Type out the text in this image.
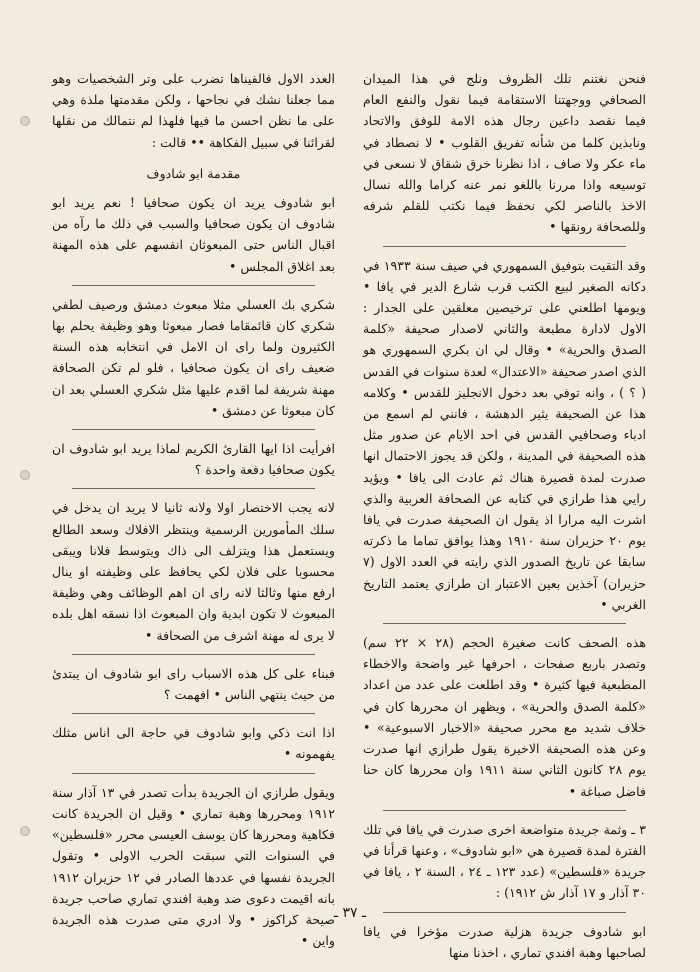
فنحن نغتنم تلك الظروف ونلج في هذا الميدان الصحافي ووجهتنا الاستقامة فيما نقول والنفع العام فيما نقصد داعين رجال هذه الامة للوفق والاتحاد ونابذين كلما من شأنه تفريق القلوب • لا نصطاد في ماء عكر ولا صاف ، اذا نظرنا خرق شقاق لا نسعى في توسيعه واذا مررنا باللغو نمر عنه كراما والله نسال الاخذ بالناصر لكي نحفظ فيما نكتب للقلم شرفه وللصحافة رونقها •

وقد التقيت بتوفيق السمهوري في صيف سنة ١٩٣٣ في دكانه الصغير لبيع الكتب قرب شارع الدير في يافا • ويومها اطلعني على ترخيصين معلقين على الجدار : الاول لادارة مطبعة والثاني لاصدار صحيفة «كلمة الصدق والحرية» • وقال لي ان بكري السمهوري هو الذي اصدر صحيفة «الاعتدال» لعدة سنوات في القدس ( ؟ ) ، وانه توفي بعد دخول الانجليز للقدس • وكلامه هذا عن الصحيفة يثير الدهشة ، فانني لم اسمع من ادباء وصحافيي القدس في احد الايام عن صدور مثل هذه الصحيفة في المدينة ، ولكن قد يجوز الاحتمال انها صدرت لمدة قصيرة هناك ثم عادت الى يافا • ويؤيد رايي هذا طرازي في كتابه عن الصحافة العربية والذي اشرت اليه مرارا اذ يقول ان الصحيفة صدرت في يافا يوم ٢٠ حزيران سنة ١٩١٠ وهذا يوافق تماما ما ذكرته سابقا عن تاريخ الصدور الذي رايته في العدد الاول (٧ حزيران) آخذين بعين الاعتبار ان طرازي يعتمد التاريخ الغربي •

هذه الصحف كانت صغيرة الحجم (٢٨ × ٢٢ سم) وتصدر باربع صفحات ، احرفها غير واضحة والاخطاء المطبعية فيها كثيرة • وقد اطلعت على عدد من اعداد «كلمة الصدق والحرية» ، ويظهر ان محررها كان في خلاف شديد مع محرر صحيفة «الاخبار الاسبوعية» • وعن هذه الصحيفة الاخيرة يقول طرازي انها صدرت يوم ٢٨ كانون الثاني سنة ١٩١١ وان محررها كان حنا فاضل صباغة •

٣ ـ وثمة جريدة متواضعة اخرى صدرت في يافا في تلك الفترة لمدة قصيرة هي «ابو شادوف» ، وعنها قرأنا في جريدة «فلسطين» (عدد ١٢٣ ـ ٢٤ ، السنة ٢ ، يافا في ٣٠ آذار و ١٧ آذار ش ١٩١٢) :

ابو شادوف جريدة هزلية صدرت مؤخرا في يافا لصاحبها وهبة افندي تماري ، اخذنا منها

العدد الاول فالفيناها تضرب على وتر الشخصيات وهو مما جعلنا نشك في نجاحها ، ولكن مقدمتها ملذة وهي على ما نظن احسن ما فيها فلهذا لم نتمالك من نقلها لقرائنا في سبيل الفكاهة •• قالت :

مقدمة ابو شادوف

ابو شادوف يريد ان يكون صحافيا ! نعم يريد ابو شادوف ان يكون صحافيا والسبب في ذلك ما رآه من اقبال الناس حتى المبعوثان انفسهم على هذه المهنة بعد اغلاق المجلس •

شكري بك العسلي مثلا مبعوث دمشق ورصيف لطفي شكري كان قائمقاما فصار مبعوثا وهو وظيفة يحلم بها الكثيرون ولما راى ان الامل في انتخابه هذه السنة ضعيف راى ان يكون صحافيا ، فلو لم تكن الصحافة مهنة شريفة لما اقدم عليها مثل شكري العسلي بعد ان كان مبعوثا عن دمشق •

افرأيت اذا ايها القارئ الكريم لماذا يريد ابو شادوف ان يكون صحافيا دفعة واحدة ؟

لانه يجب الاختصار اولا ولانه ثانيا لا يريد ان يدخل في سلك المأمورين الرسمية وينتظر الافلاك وسعد الطالع ويستعمل هذا ويتزلف الى ذاك ويتوسط فلانا ويبقى محسوبا على فلان لكي يحافظ على وظيفته او ينال ارفع منها وثالثا لانه راى ان اهم الوظائف وهي وظيفة المبعوث لا تكون ابدية وان المبعوث اذا نسقه اهل بلده لا يرى له مهنة اشرف من الصحافة •

فبناء على كل هذه الاسباب راى ابو شادوف ان يبتدئ من حيث ينتهي الناس • افهمت ؟

اذا انت ذكي وابو شادوف في حاجة الى اناس مثلك يفهمونه •

ويقول طرازي ان الجريدة بدأت تصدر في ١٣ آذار سنة ١٩١٢ ومحررها وهبة تماري • وقيل ان الجريدة كانت فكاهية ومحررها كان يوسف العيسى محرر «فلسطين» في السنوات التي سبقت الحرب الاولى • وتقول الجريدة نفسها في عددها الصادر في ١٢ حزيران ١٩١٢ بانه اقيمت دعوى ضد وهبة افندي تماري صاحب جريدة صيحة كراكوز • ولا ادري متى صدرت هذه الجريدة واين •

ـ ٣٧ ـ
